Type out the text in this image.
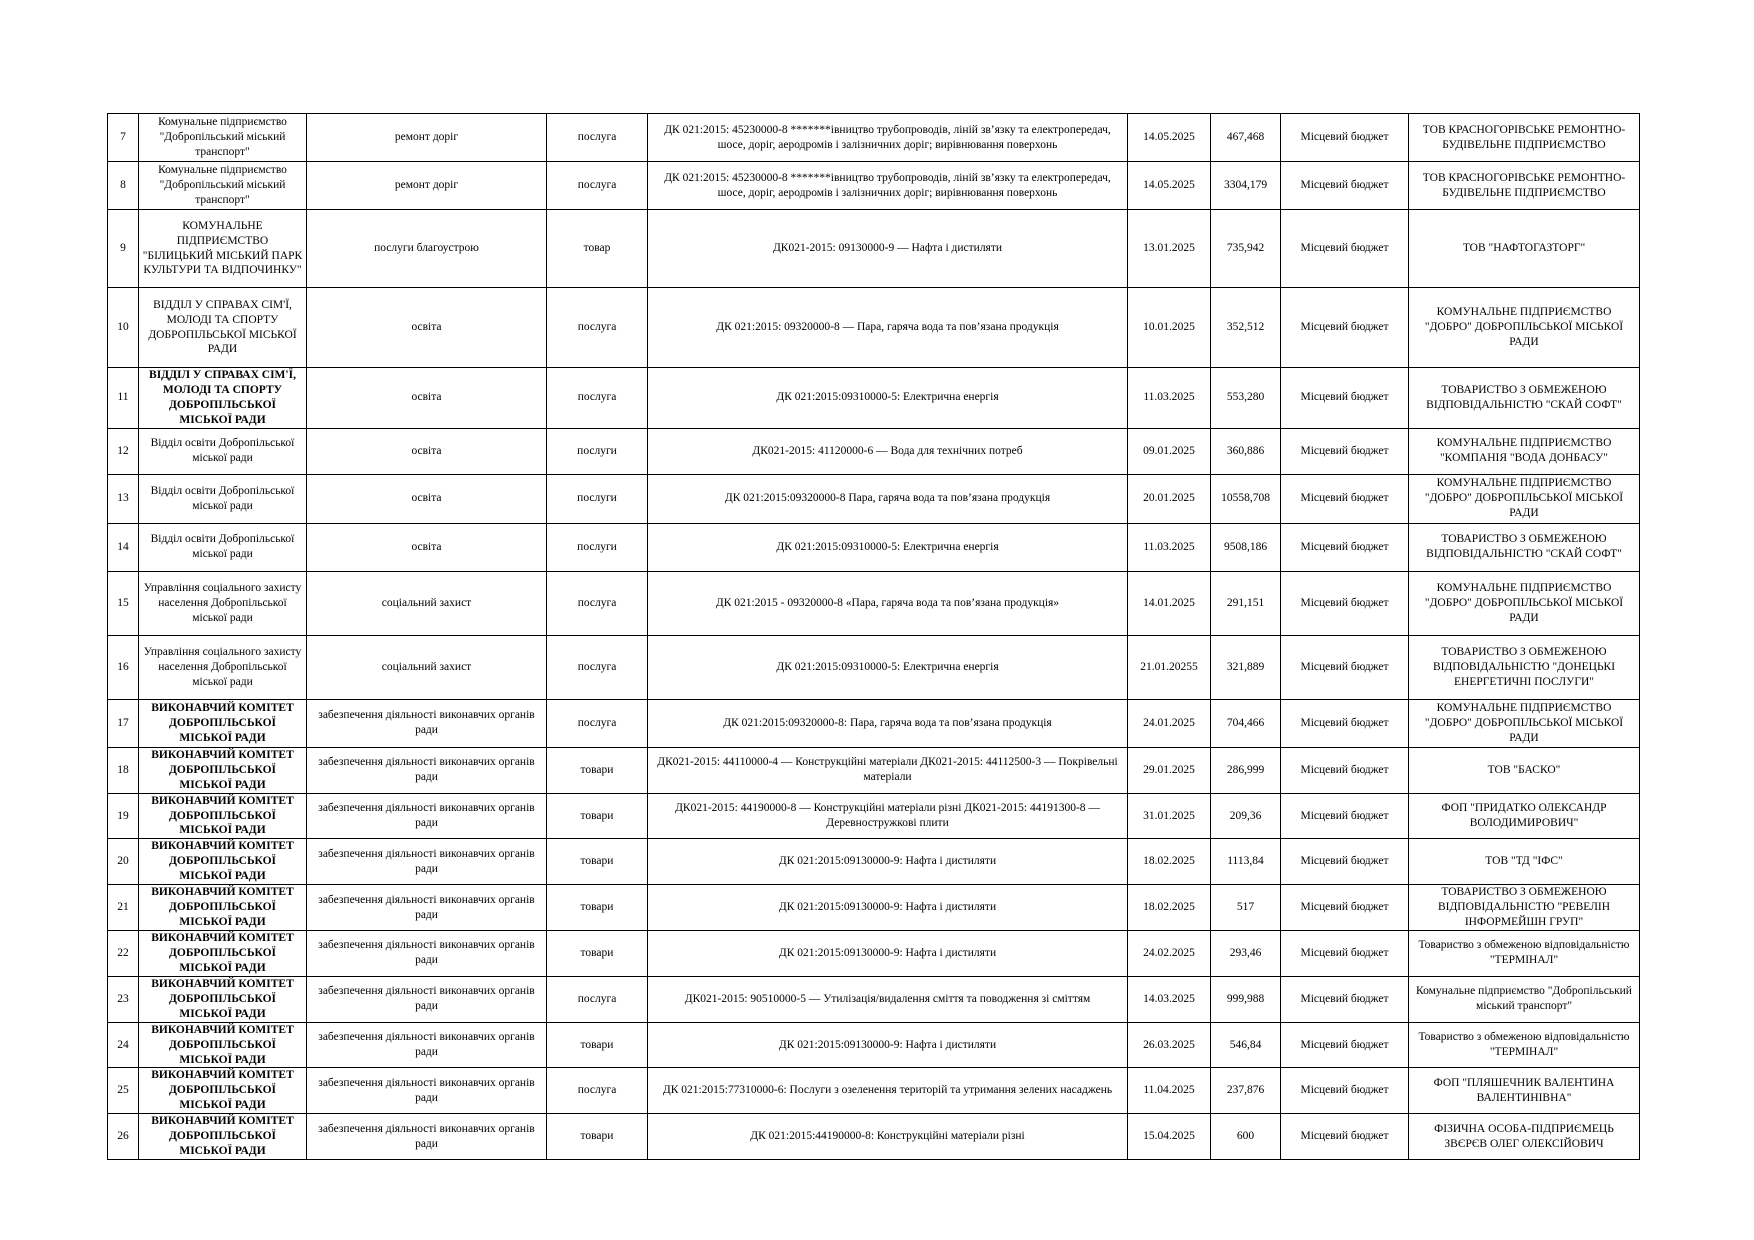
7	Комунальне підприємство "Добропільський міський транспорт"	ремонт доріг	послуга	ДК 021:2015: 45230000-8 *******івництво трубопроводів, ліній зв’язку та електропередач, шосе, доріг, аеродромів і залізничних доріг; вирівнювання поверхонь	14.05.2025	467,468	Місцевий бюджет	ТОВ КРАСНОГОРІВСЬКЕ РЕМОНТНО-БУДІВЕЛЬНЕ ПІДПРИЄМСТВО
8	Комунальне підприємство "Добропільський міський транспорт"	ремонт доріг	послуга	ДК 021:2015: 45230000-8 *******івництво трубопроводів, ліній зв’язку та електропередач, шосе, доріг, аеродромів і залізничних доріг; вирівнювання поверхонь	14.05.2025	3304,179	Місцевий бюджет	ТОВ КРАСНОГОРІВСЬКЕ РЕМОНТНО-БУДІВЕЛЬНЕ ПІДПРИЄМСТВО
9	КОМУНАЛЬНЕ ПІДПРИЄМСТВО "БІЛИЦЬКИЙ МІСЬКИЙ ПАРК КУЛЬТУРИ ТА ВІДПОЧИНКУ"	послуги благоустрою	товар	ДК021-2015: 09130000-9 — Нафта і дистиляти	13.01.2025	735,942	Місцевий бюджет	ТОВ "НАФТОГАЗТОРГ"
10	ВІДДІЛ У СПРАВАХ СІМ'Ї, МОЛОДІ ТА СПОРТУ ДОБРОПІЛЬСЬКОЇ МІСЬКОЇ РАДИ	освіта	послуга	ДК 021:2015: 09320000-8 — Пара, гаряча вода та пов’язана продукція	10.01.2025	352,512	Місцевий бюджет	КОМУНАЛЬНЕ ПІДПРИЄМСТВО "ДОБРО" ДОБРОПІЛЬСЬКОЇ МІСЬКОЇ РАДИ
11	ВІДДІЛ У СПРАВАХ СІМ'Ї, МОЛОДІ ТА СПОРТУ ДОБРОПІЛЬСЬКОЇ МІСЬКОЇ РАДИ	освіта	послуга	ДК 021:2015:09310000-5: Електрична енергія	11.03.2025	553,280	Місцевий бюджет	ТОВАРИСТВО З ОБМЕЖЕНОЮ ВІДПОВІДАЛЬНІСТЮ "СКАЙ СОФТ"
12	Відділ освіти Добропільської міської ради	освіта	послуги	ДК021-2015: 41120000-6 — Вода для технічних потреб	09.01.2025	360,886	Місцевий бюджет	КОМУНАЛЬНЕ ПІДПРИЄМСТВО "КОМПАНІЯ "ВОДА ДОНБАСУ"
13	Відділ освіти Добропільської міської ради	освіта	послуги	ДК 021:2015:09320000-8 Пара, гаряча вода та пов’язана продукція	20.01.2025	10558,708	Місцевий бюджет	КОМУНАЛЬНЕ ПІДПРИЄМСТВО "ДОБРО" ДОБРОПІЛЬСЬКОЇ МІСЬКОЇ РАДИ
14	Відділ освіти Добропільської міської ради	освіта	послуги	ДК 021:2015:09310000-5: Електрична енергія	11.03.2025	9508,186	Місцевий бюджет	ТОВАРИСТВО З ОБМЕЖЕНОЮ ВІДПОВІДАЛЬНІСТЮ "СКАЙ СОФТ"
15	Управління соціального захисту населення Добропільської міської ради	соціальний захист	послуга	ДК 021:2015 - 09320000-8 «Пара, гаряча вода та пов’язана продукція»	14.01.2025	291,151	Місцевий бюджет	КОМУНАЛЬНЕ ПІДПРИЄМСТВО "ДОБРО" ДОБРОПІЛЬСЬКОЇ МІСЬКОЇ РАДИ
16	Управління соціального захисту населення Добропільської міської ради	соціальний захист	послуга	ДК 021:2015:09310000-5: Електрична енергія	21.01.20255	321,889	Місцевий бюджет	ТОВАРИСТВО З ОБМЕЖЕНОЮ ВІДПОВІДАЛЬНІСТЮ "ДОНЕЦЬКІ ЕНЕРГЕТИЧНІ ПОСЛУГИ"
17	ВИКОНАВЧИЙ КОМІТЕТ ДОБРОПІЛЬСЬКОЇ МІСЬКОЇ РАДИ	забезпечення діяльності виконавчих органів ради	послуга	ДК 021:2015:09320000-8: Пара, гаряча вода та пов’язана продукція	24.01.2025	704,466	Місцевий бюджет	КОМУНАЛЬНЕ ПІДПРИЄМСТВО "ДОБРО" ДОБРОПІЛЬСЬКОЇ МІСЬКОЇ РАДИ
18	ВИКОНАВЧИЙ КОМІТЕТ ДОБРОПІЛЬСЬКОЇ МІСЬКОЇ РАДИ	забезпечення діяльності виконавчих органів ради	товари	ДК021-2015: 44110000-4 — Конструкційні матеріали ДК021-2015: 44112500-3 — Покрівельні матеріали	29.01.2025	286,999	Місцевий бюджет	ТОВ "БАСКО"
19	ВИКОНАВЧИЙ КОМІТЕТ ДОБРОПІЛЬСЬКОЇ МІСЬКОЇ РАДИ	забезпечення діяльності виконавчих органів ради	товари	ДК021-2015: 44190000-8 — Конструкційні матеріали різні ДК021-2015: 44191300-8 — Деревностружкові плити	31.01.2025	209,36	Місцевий бюджет	ФОП "ПРИДАТКО ОЛЕКСАНДР ВОЛОДИМИРОВИЧ"
20	ВИКОНАВЧИЙ КОМІТЕТ ДОБРОПІЛЬСЬКОЇ МІСЬКОЇ РАДИ	забезпечення діяльності виконавчих органів ради	товари	ДК 021:2015:09130000-9: Нафта і дистиляти	18.02.2025	1113,84	Місцевий бюджет	ТОВ "ТД "ІФС"
21	ВИКОНАВЧИЙ КОМІТЕТ ДОБРОПІЛЬСЬКОЇ МІСЬКОЇ РАДИ	забезпечення діяльності виконавчих органів ради	товари	ДК 021:2015:09130000-9: Нафта і дистиляти	18.02.2025	517	Місцевий бюджет	ТОВАРИСТВО З ОБМЕЖЕНОЮ ВІДПОВІДАЛЬНІСТЮ "РЕВЕЛІН ІНФОРМЕЙШН ГРУП"
22	ВИКОНАВЧИЙ КОМІТЕТ ДОБРОПІЛЬСЬКОЇ МІСЬКОЇ РАДИ	забезпечення діяльності виконавчих органів ради	товари	ДК 021:2015:09130000-9: Нафта і дистиляти	24.02.2025	293,46	Місцевий бюджет	Товариство з обмеженою відповідальністю "ТЕРМІНАЛ"
23	ВИКОНАВЧИЙ КОМІТЕТ ДОБРОПІЛЬСЬКОЇ МІСЬКОЇ РАДИ	забезпечення діяльності виконавчих органів ради	послуга	ДК021-2015: 90510000-5 — Утилізація/видалення сміття та поводження зі сміттям	14.03.2025	999,988	Місцевий бюджет	Комунальне підприємство "Добропільський міський транспорт"
24	ВИКОНАВЧИЙ КОМІТЕТ ДОБРОПІЛЬСЬКОЇ МІСЬКОЇ РАДИ	забезпечення діяльності виконавчих органів ради	товари	ДК 021:2015:09130000-9: Нафта і дистиляти	26.03.2025	546,84	Місцевий бюджет	Товариство з обмеженою відповідальністю "ТЕРМІНАЛ"
25	ВИКОНАВЧИЙ КОМІТЕТ ДОБРОПІЛЬСЬКОЇ МІСЬКОЇ РАДИ	забезпечення діяльності виконавчих органів ради	послуга	ДК 021:2015:77310000-6: Послуги з озеленення територій та утримання зелених насаджень	11.04.2025	237,876	Місцевий бюджет	ФОП "ПЛЯШЕЧНИК ВАЛЕНТИНА ВАЛЕНТИНІВНА"
26	ВИКОНАВЧИЙ КОМІТЕТ ДОБРОПІЛЬСЬКОЇ МІСЬКОЇ РАДИ	забезпечення діяльності виконавчих органів ради	товари	ДК 021:2015:44190000-8: Конструкційні матеріали різні	15.04.2025	600	Місцевий бюджет	ФІЗИЧНА ОСОБА-ПІДПРИЄМЕЦЬ ЗВЄРЄВ ОЛЕГ ОЛЕКСІЙОВИЧ
